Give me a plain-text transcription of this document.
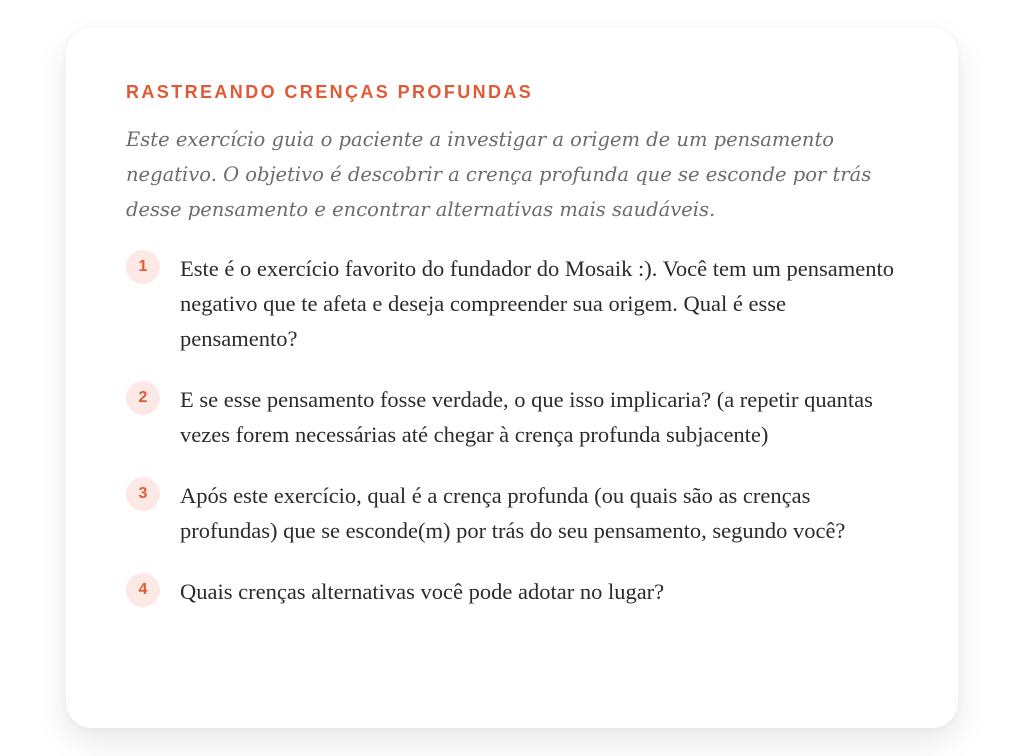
RASTREANDO CRENÇAS PROFUNDAS

Este exercício guia o paciente a investigar a origem de um pensamento negativo. O objetivo é descobrir a crença profunda que se esconde por trás desse pensamento e encontrar alternativas mais saudáveis.

1	Este é o exercício favorito do fundador do Mosaik :). Você tem um pensamento negativo que te afeta e deseja compreender sua origem. Qual é esse pensamento?
2	E se esse pensamento fosse verdade, o que isso implicaria? (a repetir quantas vezes forem necessárias até chegar à crença profunda subjacente)
3	Após este exercício, qual é a crença profunda (ou quais são as crenças profundas) que se esconde(m) por trás do seu pensamento, segundo você?
4	Quais crenças alternativas você pode adotar no lugar?
